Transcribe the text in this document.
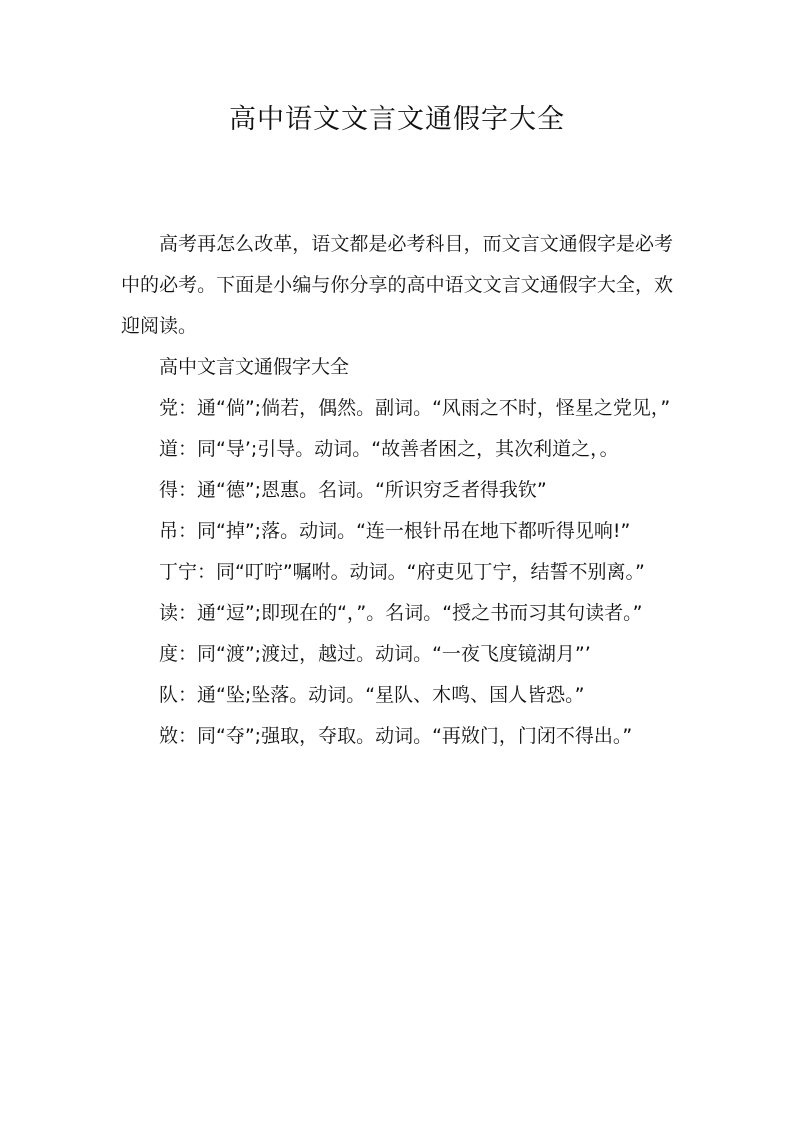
高中语文文言文通假字大全

高考再怎么改革，语文都是必考科目，而文言文通假字是必考中的必考。下面是小编与你分享的高中语文文言文通假字大全，欢迎阅读。

高中文言文通假字大全

党：通“倘”;倘若，偶然。副词。“风雨之不时，怪星之党见，”

道：同“导’;引导。动词。“故善者困之，其次利道之，。

得：通“德”;恩惠。名词。“所识穷乏者得我钦”

吊：同“掉”;落。动词。“连一根针吊在地下都听得见响!”

丁宁：同“叮咛”嘱咐。动词。“府吏见丁宁，结誓不别离。”

读：通“逗”;即现在的“，”。名词。“授之书而习其句读者。”

度：同“渡”;渡过，越过。动词。“一夜飞度镜湖月”’

队：通“坠;坠落。动词。“星队、木鸣、国人皆恐。”

敚：同“夺”;强取，夺取。动词。“再敚门，门闭不得出。”
